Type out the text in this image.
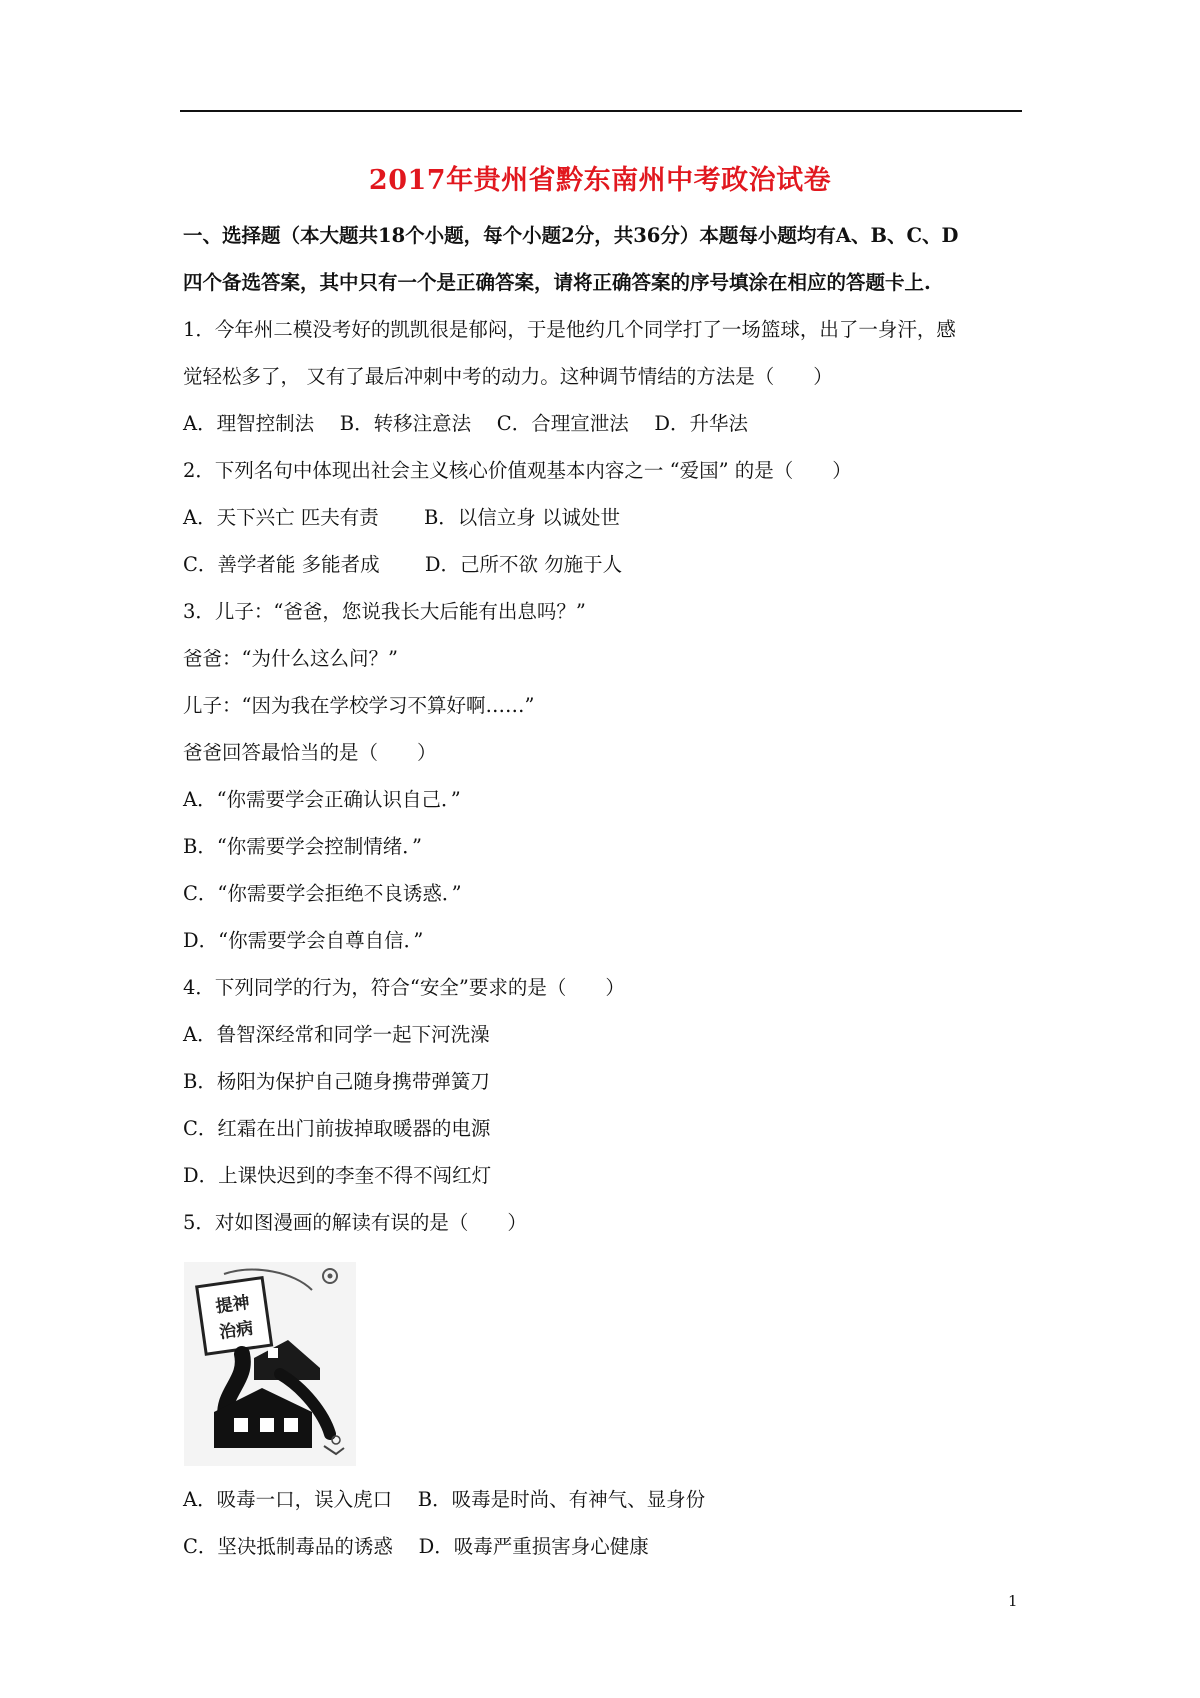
2017年贵州省黔东南州中考政治试卷
一、选择题（本大题共18个小题，每个小题2分，共36分）本题每小题均有A、B、C、D
四个备选答案，其中只有一个是正确答案，请将正确答案的序号填涂在相应的答题卡上.
1．今年州二模没考好的凯凯很是郁闷，于是他约几个同学打了一场篮球，出了一身汗，感
觉轻松多了， 又有了最后冲刺中考的动力。这种调节情结的方法是（　　）
A．理智控制法　 B．转移注意法　 C．合理宣泄法　 D．升华法
2．下列名句中体现出社会主义核心价值观基本内容之一 “爱国” 的是（　　）
A．天下兴亡 匹夫有责　　 B．以信立身 以诚处世
C．善学者能 多能者成　　 D．己所不欲 勿施于人
3．儿子：“爸爸，您说我长大后能有出息吗？”
爸爸：“为什么这么问？”
儿子：“因为我在学校学习不算好啊……”
爸爸回答最恰当的是（　　）
A．“你需要学会正确认识自己．”
B．“你需要学会控制情绪．”
C．“你需要学会拒绝不良诱惑．”
D．“你需要学会自尊自信．”
4．下列同学的行为，符合“安全”要求的是（　　）
A．鲁智深经常和同学一起下河洗澡
B．杨阳为保护自己随身携带弹簧刀
C．红霜在出门前拔掉取暖器的电源
D．上课快迟到的李奎不得不闯红灯
5．对如图漫画的解读有误的是（　　）
提神
治病
A．吸毒一口，误入虎口　 B．吸毒是时尚、有神气、显身份
C．坚决抵制毒品的诱惑　 D．吸毒严重损害身心健康
1
